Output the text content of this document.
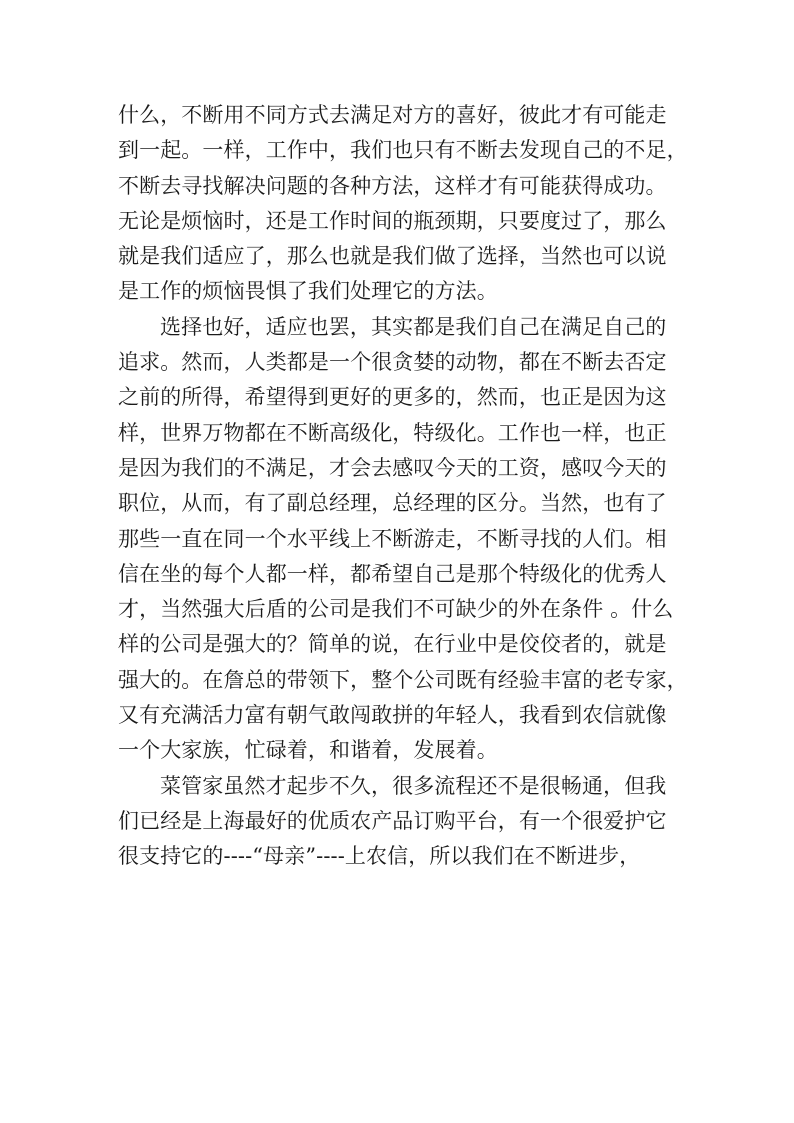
什么，不断用不同方式去满足对方的喜好，彼此才有可能走
到一起。一样，工作中，我们也只有不断去发现自己的不足，
不断去寻找解决问题的各种方法，这样才有可能获得成功。
无论是烦恼时，还是工作时间的瓶颈期，只要度过了，那么
就是我们适应了，那么也就是我们做了选择，当然也可以说
是工作的烦恼畏惧了我们处理它的方法。
选择也好，适应也罢，其实都是我们自己在满足自己的
追求。然而，人类都是一个很贪婪的动物，都在不断去否定
之前的所得，希望得到更好的更多的，然而，也正是因为这
样，世界万物都在不断高级化，特级化。工作也一样，也正
是因为我们的不满足，才会去感叹今天的工资，感叹今天的
职位，从而，有了副总经理，总经理的区分。当然，也有了
那些一直在同一个水平线上不断游走，不断寻找的人们。相
信在坐的每个人都一样，都希望自己是那个特级化的优秀人
才，当然强大后盾的公司是我们不可缺少的外在条件 。什么
样的公司是强大的？简单的说，在行业中是佼佼者的，就是
强大的。在詹总的带领下，整个公司既有经验丰富的老专家，
又有充满活力富有朝气敢闯敢拼的年轻人，我看到农信就像
一个大家族，忙碌着，和谐着，发展着。
菜管家虽然才起步不久，很多流程还不是很畅通，但我
们已经是上海最好的优质农产品订购平台，有一个很爱护它
很支持它的----“母亲”----上农信，所以我们在不断进步，
